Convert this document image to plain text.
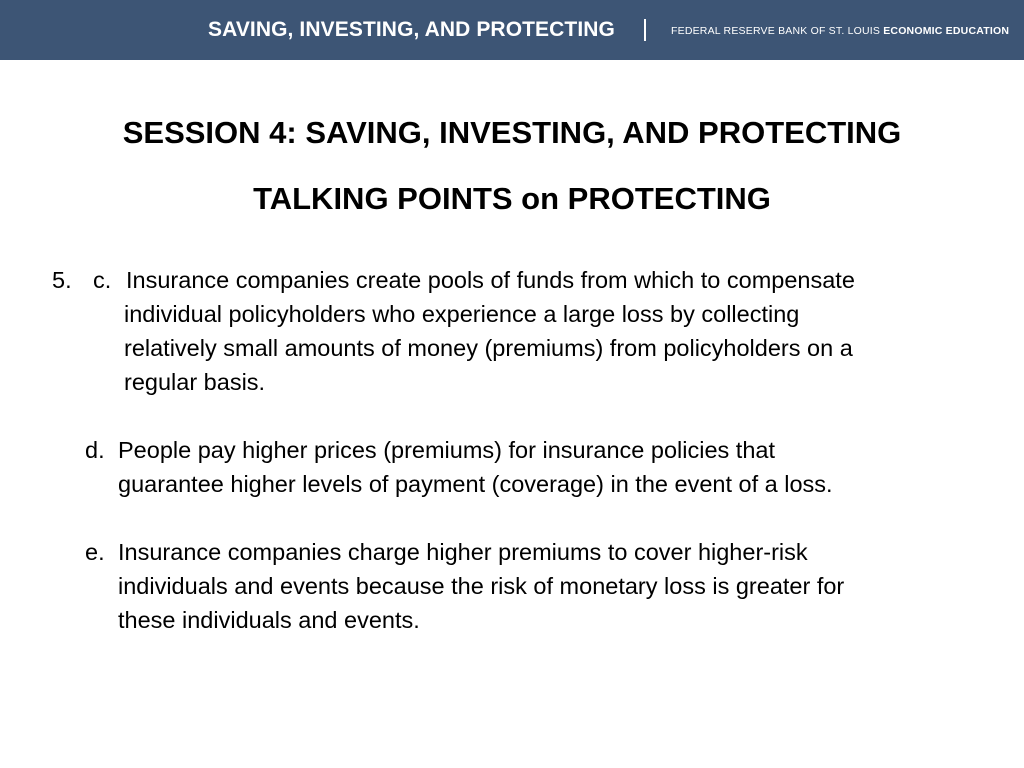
SAVING, INVESTING, AND PROTECTING	FEDERAL RESERVE BANK OF ST. LOUIS ECONOMIC EDUCATION
SESSION 4: SAVING, INVESTING, AND PROTECTING
TALKING POINTS on PROTECTING
5. c. Insurance companies create pools of funds from which to compensate
individual policyholders who experience a large loss by collecting
relatively small amounts of money (premiums) from policyholders on a
regular basis.
d. People pay higher prices (premiums) for insurance policies that
guarantee higher levels of payment (coverage) in the event of a loss.
e. Insurance companies charge higher premiums to cover higher-risk
individuals and events because the risk of monetary loss is greater for
these individuals and events.
